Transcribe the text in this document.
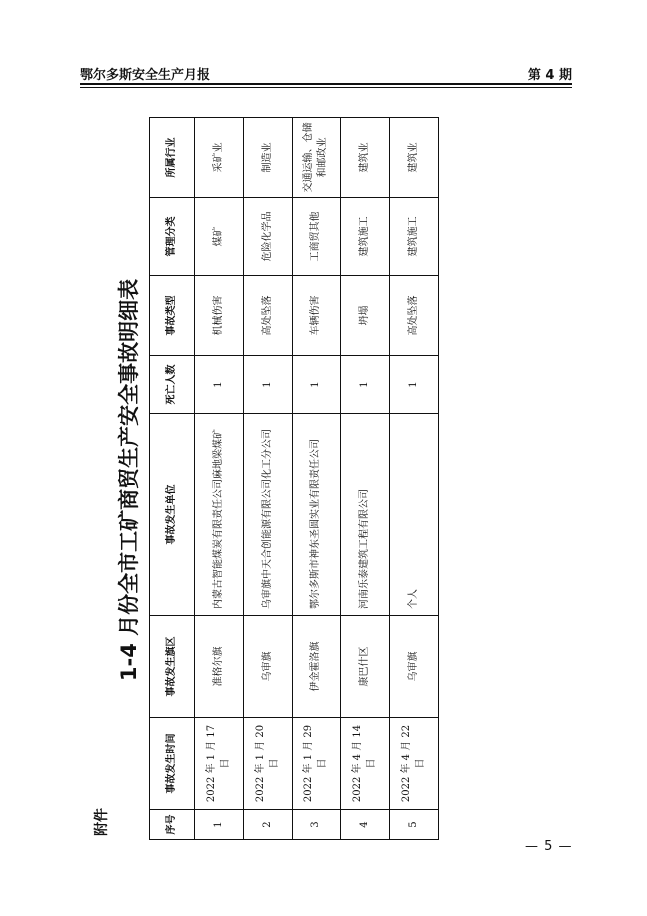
鄂尔多斯安全生产月报	第 4 期
附件
1-4 月份全市工矿商贸生产安全事故明细表
序号	事故发生时间	事故发生旗区	事故发生单位	死亡人数	事故类型	管理分类	所属行业
1	2022 年 1 月 17 日	准格尔旗	内蒙古智能煤炭有限责任公司麻地梁煤矿	1	机械伤害	煤矿	采矿业
2	2022 年 1 月 20 日	乌审旗	乌审旗中天合创能源有限公司化工分公司	1	高处坠落	危险化学品	制造业
3	2022 年 1 月 29 日	伊金霍洛旗	鄂尔多斯市神东圣圆实业有限责任公司	1	车辆伤害	工商贸其他	交通运输、仓储和邮政业
4	2022 年 4 月 14 日	康巴什区	河南乐泰建筑工程有限公司	1	坍塌	建筑施工	建筑业
5	2022 年 4 月 22 日	乌审旗	个人	1	高处坠落	建筑施工	建筑业
— 5 —
